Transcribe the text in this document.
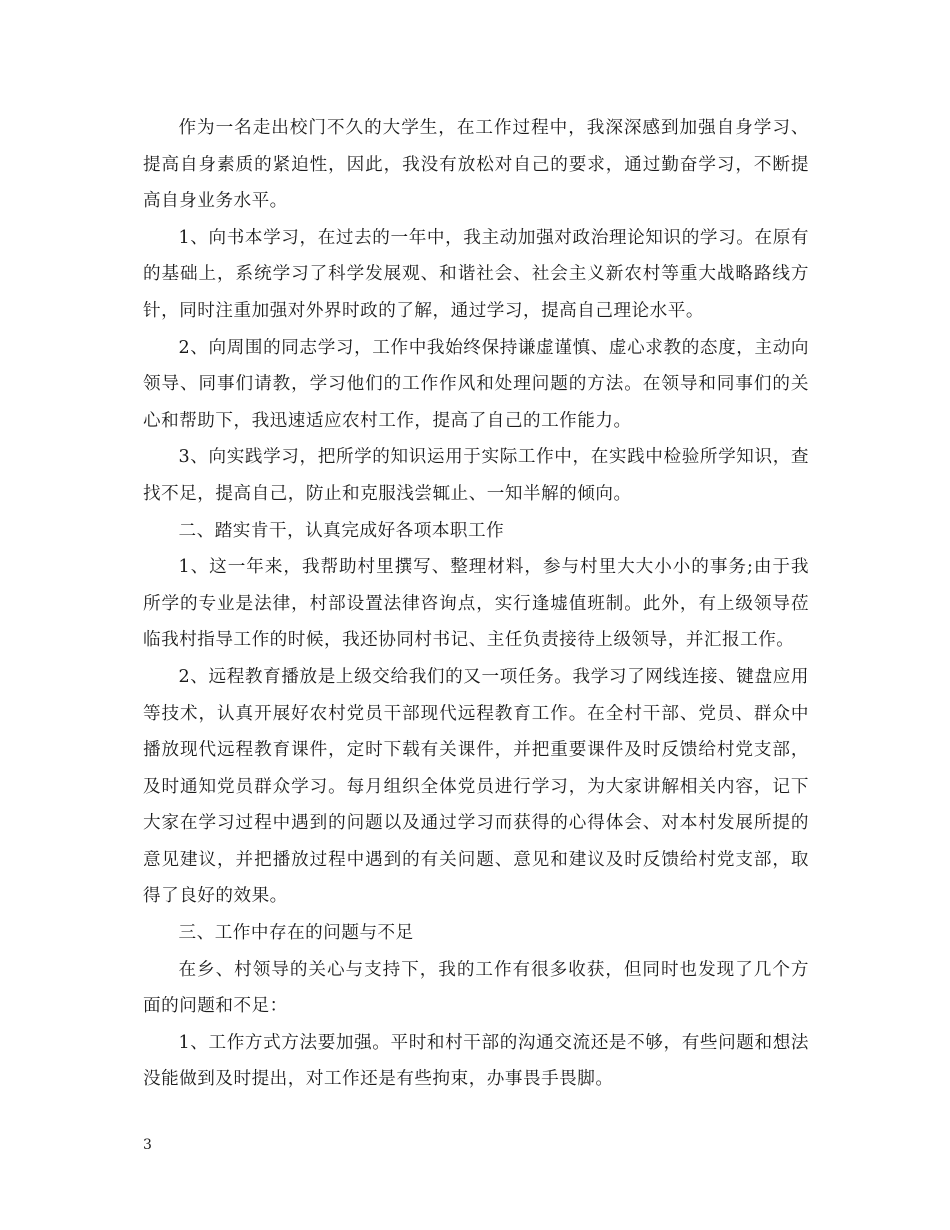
作为一名走出校门不久的大学生，在工作过程中，我深深感到加强自身学习、提高自身素质的紧迫性，因此，我没有放松对自己的要求，通过勤奋学习，不断提高自身业务水平。

1、向书本学习，在过去的一年中，我主动加强对政治理论知识的学习。在原有的基础上，系统学习了科学发展观、和谐社会、社会主义新农村等重大战略路线方针，同时注重加强对外界时政的了解，通过学习，提高自己理论水平。

2、向周围的同志学习，工作中我始终保持谦虚谨慎、虚心求教的态度，主动向领导、同事们请教，学习他们的工作作风和处理问题的方法。在领导和同事们的关心和帮助下，我迅速适应农村工作，提高了自己的工作能力。

3、向实践学习，把所学的知识运用于实际工作中，在实践中检验所学知识，查找不足，提高自己，防止和克服浅尝辄止、一知半解的倾向。

二、踏实肯干，认真完成好各项本职工作

1、这一年来，我帮助村里撰写、整理材料，参与村里大大小小的事务;由于我所学的专业是法律，村部设置法律咨询点，实行逢墟值班制。此外，有上级领导莅临我村指导工作的时候，我还协同村书记、主任负责接待上级领导，并汇报工作。

2、远程教育播放是上级交给我们的又一项任务。我学习了网线连接、键盘应用等技术，认真开展好农村党员干部现代远程教育工作。在全村干部、党员、群众中播放现代远程教育课件，定时下载有关课件，并把重要课件及时反馈给村党支部，及时通知党员群众学习。每月组织全体党员进行学习，为大家讲解相关内容，记下大家在学习过程中遇到的问题以及通过学习而获得的心得体会、对本村发展所提的意见建议，并把播放过程中遇到的有关问题、意见和建议及时反馈给村党支部，取得了良好的效果。

三、工作中存在的问题与不足

在乡、村领导的关心与支持下，我的工作有很多收获，但同时也发现了几个方面的问题和不足：

1、工作方式方法要加强。平时和村干部的沟通交流还是不够，有些问题和想法没能做到及时提出，对工作还是有些拘束，办事畏手畏脚。

3
